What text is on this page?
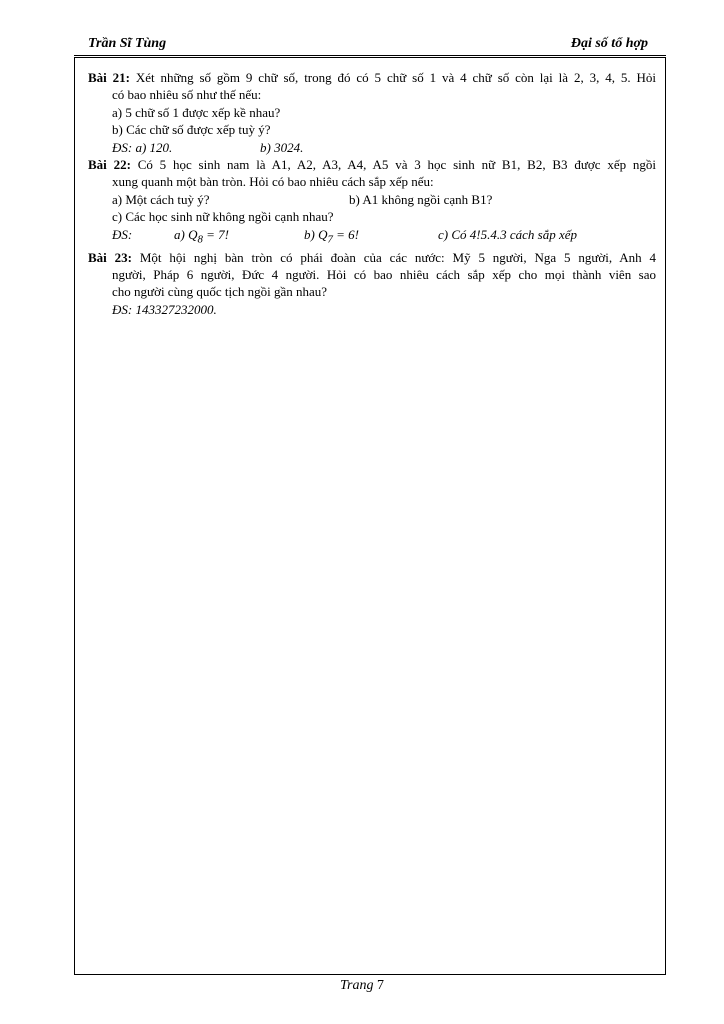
Trần Sĩ Tùng	Đại số tổ hợp
Bài 21: Xét những số gồm 9 chữ số, trong đó có 5 chữ số 1 và 4 chữ số còn lại là 2, 3, 4, 5. Hỏi
có bao nhiêu số như thế nếu:
a) 5 chữ số 1 được xếp kề nhau?
b) Các chữ số được xếp tuỳ ý?
ĐS: a) 120.	b) 3024.
Bài 22: Có 5 học sinh nam là A1, A2, A3, A4, A5 và 3 học sinh nữ B1, B2, B3 được xếp ngồi
xung quanh một bàn tròn. Hỏi có bao nhiêu cách sắp xếp nếu:
a) Một cách tuỳ ý?	b) A1 không ngồi cạnh B1?
c) Các học sinh nữ không ngồi cạnh nhau?
ĐS:	a) $Q_8 = 7$!	b) $Q_7 = 6$!	c) Có 4!5.4.3 cách sắp xếp
Bài 23: Một hội nghị bàn tròn có phái đoàn của các nước: Mỹ 5 người, Nga 5 người, Anh 4
người, Pháp 6 người, Đức 4 người. Hỏi có bao nhiêu cách sắp xếp cho mọi thành viên sao
cho người cùng quốc tịch ngồi gần nhau?
ĐS: 143327232000.
Trang 7
